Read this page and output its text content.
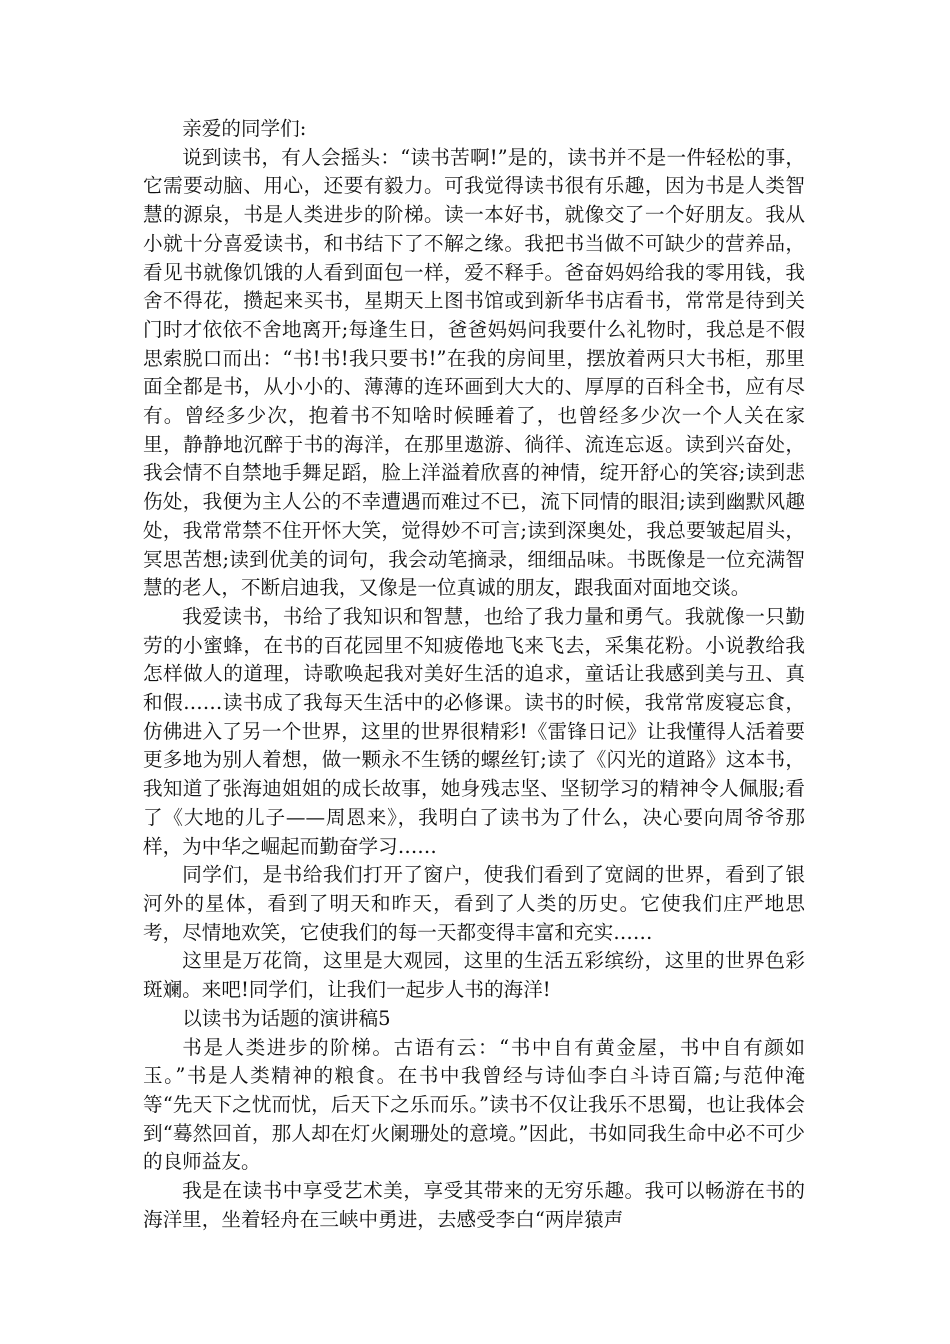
亲爱的同学们:

说到读书，有人会摇头：“读书苦啊!”是的，读书并不是一件轻松的事，它需要动脑、用心，还要有毅力。可我觉得读书很有乐趣，因为书是人类智慧的源泉，书是人类进步的阶梯。读一本好书，就像交了一个好朋友。我从小就十分喜爱读书，和书结下了不解之缘。我把书当做不可缺少的营养品，看见书就像饥饿的人看到面包一样，爱不释手。爸奋妈妈给我的零用钱，我舍不得花，攒起来买书，星期天上图书馆或到新华书店看书，常常是待到关门时才依依不舍地离开;每逢生日，爸爸妈妈问我要什么礼物时，我总是不假思索脱口而出：“书!书!我只要书!”在我的房间里，摆放着两只大书柜，那里面全都是书，从小小的、薄薄的连环画到大大的、厚厚的百科全书，应有尽有。曾经多少次，抱着书不知啥时候睡着了，也曾经多少次一个人关在家里，静静地沉醉于书的海洋，在那里遨游、徜徉、流连忘返。读到兴奋处，我会情不自禁地手舞足蹈，脸上洋溢着欣喜的神情，绽开舒心的笑容;读到悲伤处，我便为主人公的不幸遭遇而难过不已，流下同情的眼泪;读到幽默风趣处，我常常禁不住开怀大笑，觉得妙不可言;读到深奥处，我总要皱起眉头，冥思苦想;读到优美的词句，我会动笔摘录，细细品味。书既像是一位充满智慧的老人，不断启迪我，又像是一位真诚的朋友，跟我面对面地交谈。

我爱读书，书给了我知识和智慧，也给了我力量和勇气。我就像一只勤劳的小蜜蜂，在书的百花园里不知疲倦地飞来飞去，采集花粉。小说教给我怎样做人的道理，诗歌唤起我对美好生活的追求，童话让我感到美与丑、真和假……读书成了我每天生活中的必修课。读书的时候，我常常废寝忘食，仿佛进入了另一个世界，这里的世界很精彩!《雷锋日记》让我懂得人活着要更多地为别人着想，做一颗永不生锈的螺丝钉;读了《闪光的道路》这本书，我知道了张海迪姐姐的成长故事，她身残志坚、坚韧学习的精神令人佩服;看了《大地的儿子——周恩来》，我明白了读书为了什么，决心要向周爷爷那样，为中华之崛起而勤奋学习……

同学们，是书给我们打开了窗户，使我们看到了宽阔的世界，看到了银河外的星体，看到了明天和昨天，看到了人类的历史。它使我们庄严地思考，尽情地欢笑，它使我们的每一天都变得丰富和充实……

这里是万花筒，这里是大观园，这里的生活五彩缤纷，这里的世界色彩斑斓。来吧!同学们，让我们一起步人书的海洋!

以读书为话题的演讲稿5

书是人类进步的阶梯。古语有云：“书中自有黄金屋，书中自有颜如玉。”书是人类精神的粮食。在书中我曾经与诗仙李白斗诗百篇;与范仲淹等“先天下之忧而忧，后天下之乐而乐。”读书不仅让我乐不思蜀，也让我体会到“蓦然回首，那人却在灯火阑珊处的意境。”因此，书如同我生命中必不可少的良师益友。

我是在读书中享受艺术美，享受其带来的无穷乐趣。我可以畅游在书的海洋里，坐着轻舟在三峡中勇进，去感受李白“两岸猿声
